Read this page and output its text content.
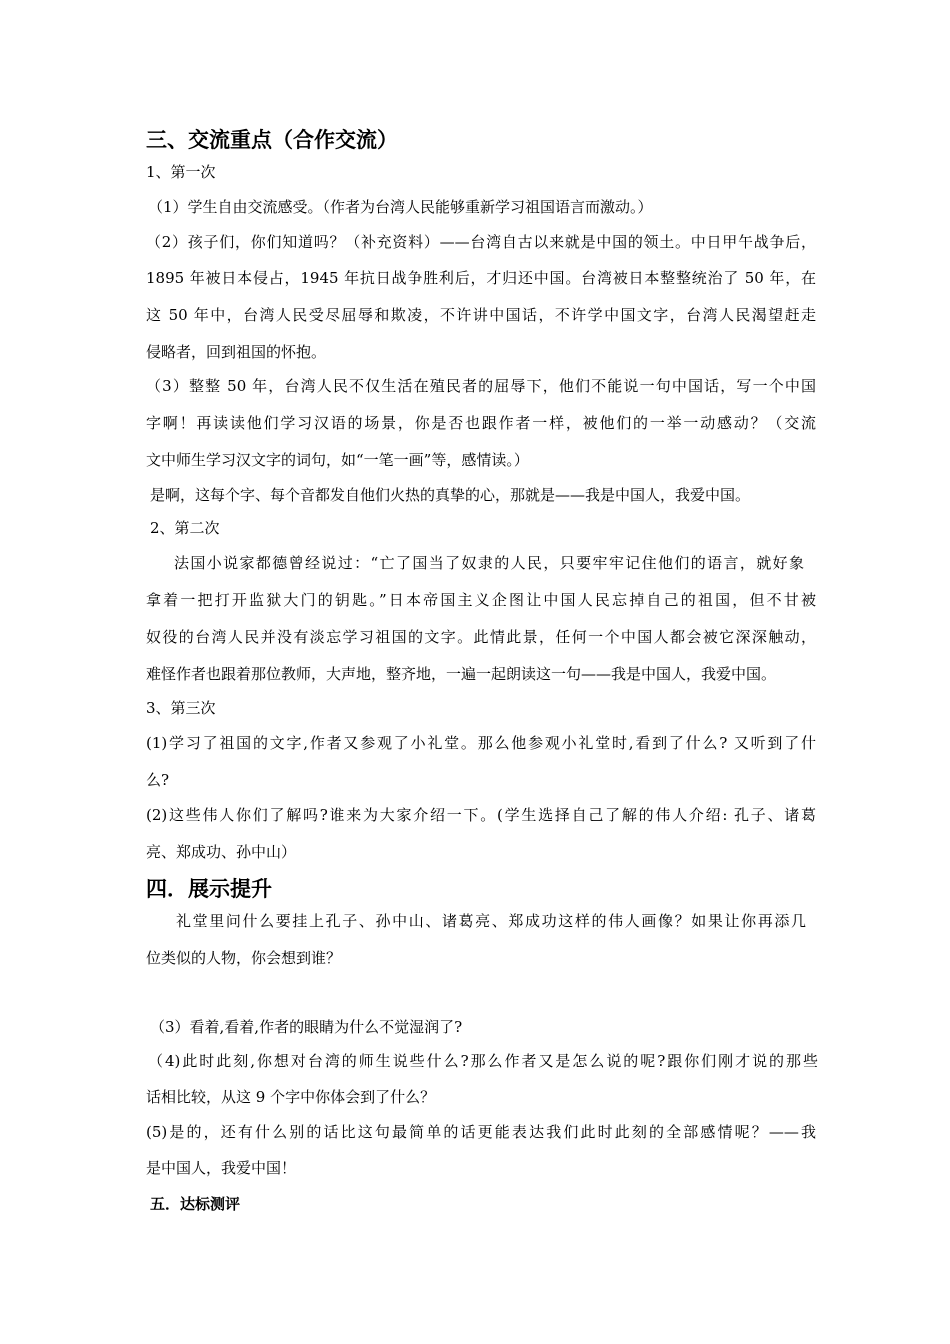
三、交流重点（合作交流）
1、第一次
（1）学生自由交流感受。（作者为台湾人民能够重新学习祖国语言而激动。）
（2）孩子们，你们知道吗？（补充资料）——台湾自古以来就是中国的领土。中日甲午战争后，
1895 年被日本侵占，1945 年抗日战争胜利后，才归还中国。台湾被日本整整统治了 50 年，在
这 50 年中，台湾人民受尽屈辱和欺凌，不许讲中国话，不许学中国文字，台湾人民渴望赶走
侵略者，回到祖国的怀抱。
（3）整整 50 年，台湾人民不仅生活在殖民者的屈辱下，他们不能说一句中国话，写一个中国
字啊！再读读他们学习汉语的场景，你是否也跟作者一样，被他们的一举一动感动？（交流
文中师生学习汉文字的词句，如“一笔一画”等，感情读。）
是啊，这每个字、每个音都发自他们火热的真挚的心，那就是——我是中国人，我爱中国。
2、第二次
法国小说家都德曾经说过：“亡了国当了奴隶的人民，只要牢牢记住他们的语言，就好象
拿着一把打开监狱大门的钥匙。”日本帝国主义企图让中国人民忘掉自己的祖国，但不甘被
奴役的台湾人民并没有淡忘学习祖国的文字。此情此景，任何一个中国人都会被它深深触动，
难怪作者也跟着那位教师，大声地，整齐地，一遍一起朗读这一句——我是中国人，我爱中国。
3、第三次
(1)学习了祖国的文字,作者又参观了小礼堂。那么他参观小礼堂时,看到了什么? 又听到了什
么?
(2)这些伟人你们了解吗?谁来为大家介绍一下。(学生选择自己了解的伟人介绍: 孔子、诸葛
亮、郑成功、孙中山）
四．展示提升
礼堂里问什么要挂上孔子、孙中山、诸葛亮、郑成功这样的伟人画像？如果让你再添几
位类似的人物，你会想到谁？
（3）看着,看着,作者的眼睛为什么不觉湿润了?
（4)此时此刻,你想对台湾的师生说些什么?那么作者又是怎么说的呢?跟你们刚才说的那些
话相比较，从这 9 个字中你体会到了什么？
(5)是的，还有什么别的话比这句最简单的话更能表达我们此时此刻的全部感情呢？——我
是中国人，我爱中国！
五．达标测评
